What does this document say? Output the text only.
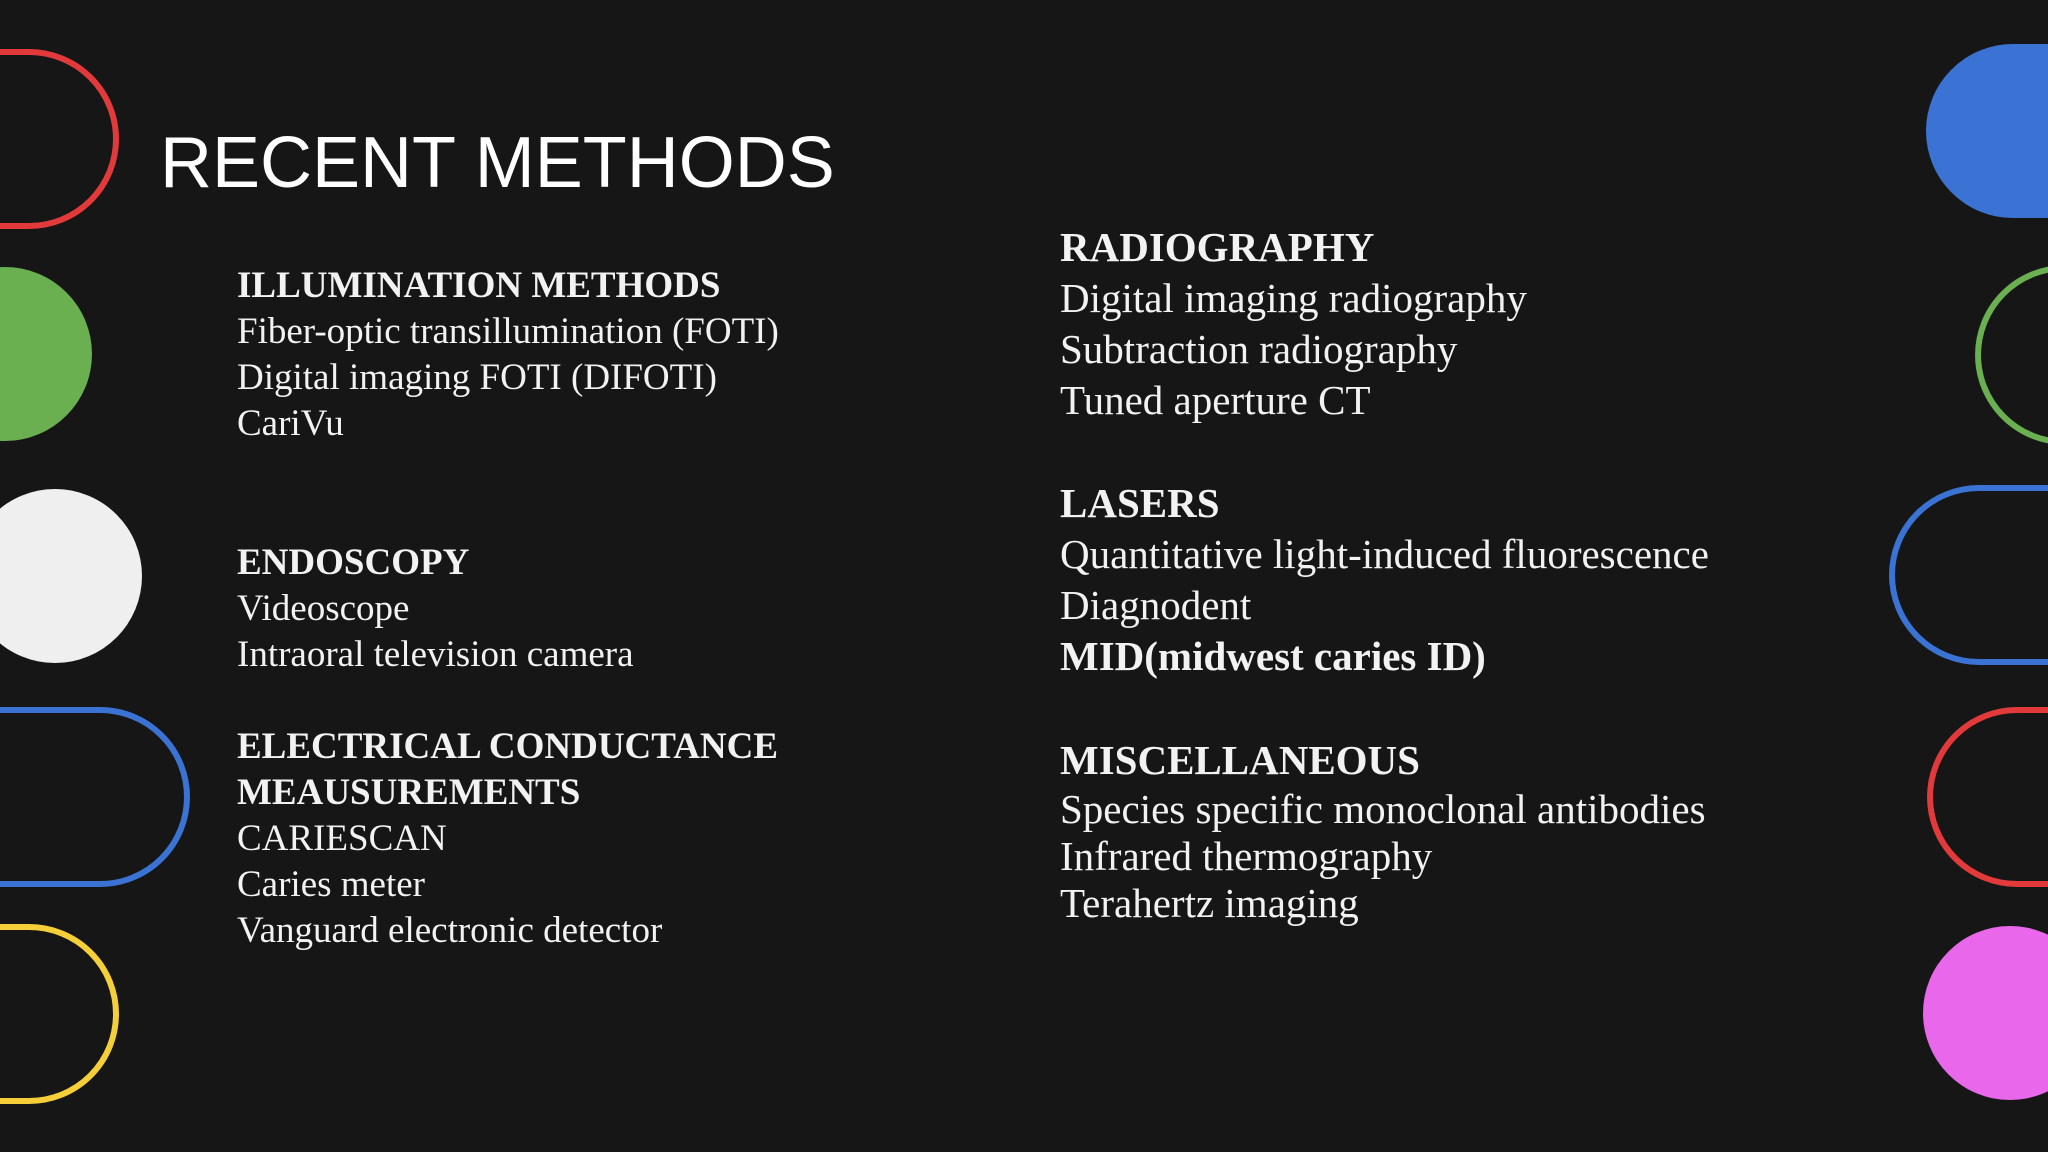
RECENT METHODS

ILLUMINATION METHODS

Fiber-optic transillumination (FOTI)

Digital imaging FOTI (DIFOTI)

CariVu

ENDOSCOPY

Videoscope

Intraoral television camera

ELECTRICAL CONDUCTANCE

MEAUSUREMENTS

CARIESCAN

Caries meter

Vanguard electronic detector

RADIOGRAPHY

Digital imaging radiography

Subtraction radiography

Tuned aperture CT

LASERS

Quantitative light-induced fluorescence

Diagnodent

MID(midwest caries ID)

MISCELLANEOUS

Species specific monoclonal antibodies

Infrared thermography

Terahertz imaging
